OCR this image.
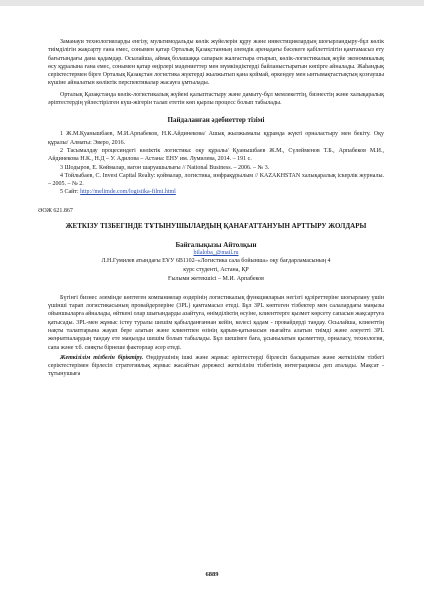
Заманауи технологияларды енгізу, мультимодальды көлік жүйелерін құру және инвестициялардың шоғырландыру-бұл көлік тиімділігін жақсарту ғана емес, сонымен қатар Орталық Қазақстанның әлемдік аренадағы бәсекеге қабілеттілігін қамтамасыз ету бағытындағы дана қадамдар. Осылайша, аймақ болашаққа сапарын жалғастыра отырып, көлік-логистикалық жүйе экономикалық өсу құралына ғана емес, сонымен қатар өңірлері мәдениеттер мен мүмкіндіктерді байланыстыратын көпірге айналады. Жаһандық серіктестермен бірге Орталық Қазақстан логистика жүктерді жылжытып қана қоймай, өркендеу мен ынтымақтастықтың қозғаушы күшіне айналатын көліктік перспективалар жасауға ұмтылады.

Орталық Қазақстанда көлік-логистикалық жүйені қалыптастыру және дамыту-бұл мемлекеттің, бизнестің және халықаралық әріптестердің үйлестірілген күш-жігерін талап ететін көп қырлы процесс болып табылады.

Пайдаланған әдебиеттер тізімі

1 Ж.М.Қуанышбаев, М.И.Арпабеков, Н.К.Айдинекова/ Ашық жылжымалы құрамда жүкті орналастыру мен бекіту. Оқу құралы/ Алматы: Эверо, 2016.

2 Тасымалдау процесиндегі көліктік логистика: оқу құралы/ Қуанышбаев Ж.М., Сүлейменов Т.Б., Арпабеков М.И., Айдинекова Н.К., Н.Д – У. Адилова – Астана: ЕНУ им. Лумилева, 2014. – 191 с.

3 Шодыров, Е. Көймалар, вагон шаруашылығы // National Business. – 2006. – № 3.

4 Тойлыбаев, С. Invest Capital Realty: қоймалар, логистика, инфрақұрылым // KAZAKHSTAN халықаралық іскерлік журналы. – 2005. – № 2.

5 Сайт: http://melimde.com/logistika-filmi.html

ӘОЖ 621.867

ЖЕТКІЗУ ТІЗБЕГІНДЕ ТҰТЫНУШЫЛАРДЫҢ ҚАНАҒАТТАНУЫН АРТТЫРУ ЖОЛДАРЫ

Байгалықызы Айтолқын

bilaloba_@mail.ru

Л.Н.Гумилев атындағы ЕҰУ 6В1102–«Логистика сала бойынша» оқу бағдарламасының 4

курс студенті, Астана, ҚР

Ғылыми жетекшісі – М.И. Арпабеков

Бүгінгі бизнес әлемінде көптеген компаниялар өздерінің логистикалық функцияларын негізгі құзіреттеріне шоғырлану үшін үшінші тарап логистикасының провайдерлеріне (3PL) қамтамасыз етеді. Бұл 3PL көптеген тізбектер мен салалардағы маңызы ойыншыларға айналады, өйткені олар шығындарды азайтуға, өнімділіктің өсуіне, клиенттерге қызмет көрсету сапасын жақсартуға қатысады. 3PL-мен жұмыс істеу туралы шешім қабылданғаннан кейін, келесі қадам - провайдерді таңдау. Осылайша, клиенттің нақты талаптарына жауап бере алатын және клиентпен өзінің қарым-қатынасын нығайта алатын тиімді және әлеуетті 3PL жеңнатпалардың тандау ете маңызды шешім болып табылады. Бұл шешімге баға, ұсынылатын қызметтер, орналасу, технология, сапа және т.б. сияқты бірнеше факторлар әсер етеді.

Жеткізілім тізбегін біріктіру. Өндірушінің ішкі және жұмыс әріптестерді бірлесіп басқаратын және жеткізілім тізбегі серіктестерімен бірлесіп стратегиялық жұмыс жасайтын дәрежесі жеткізілім тізбегінің интеграциясы деп аталады. Мақсат - тұтынушыға

6889
